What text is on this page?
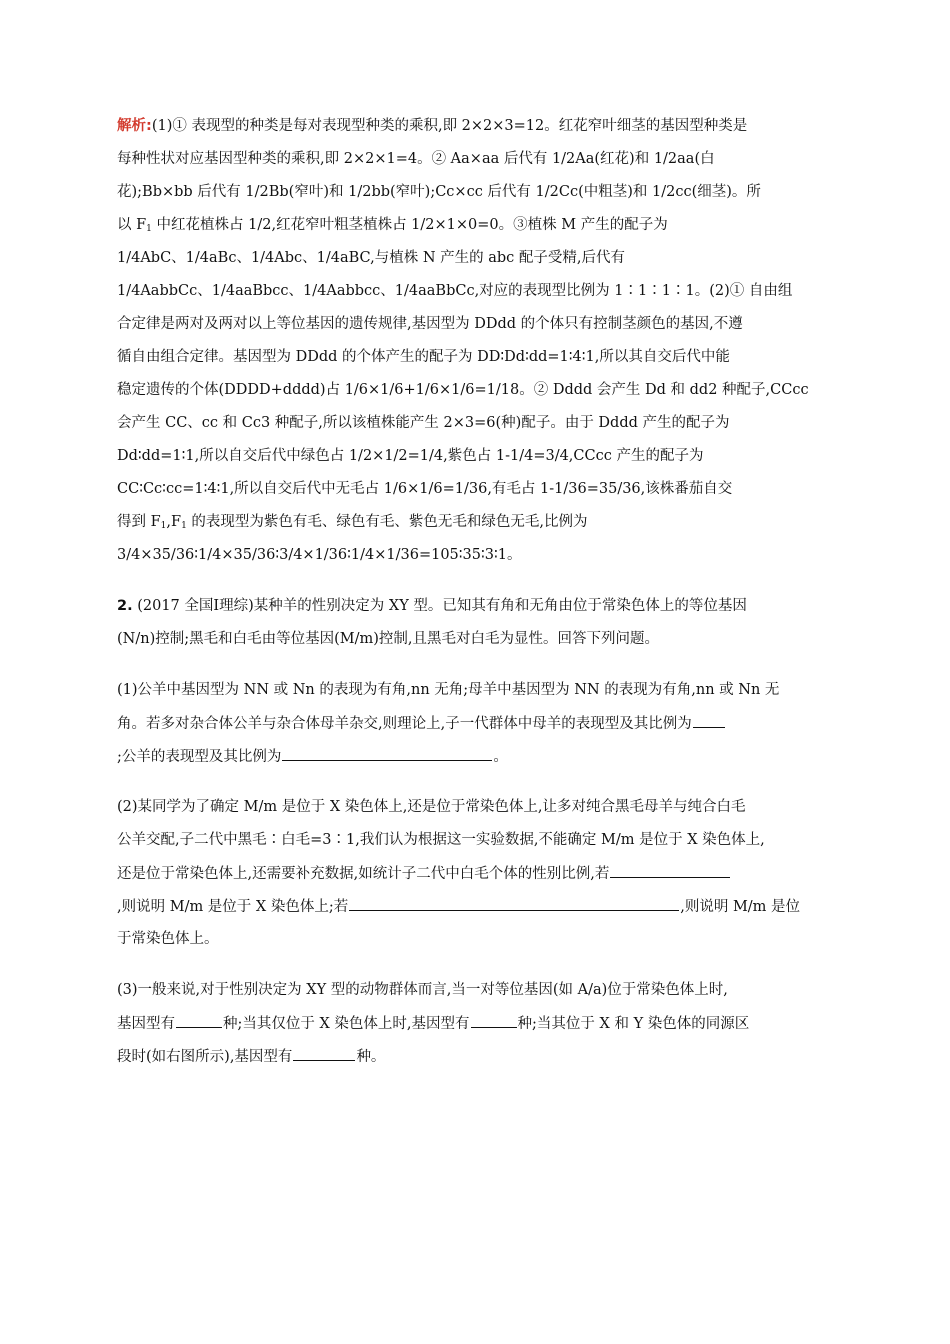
解析:(1)① 表现型的种类是每对表现型种类的乘积,即 2×2×3=12。红花窄叶细茎的基因型种类是
每种性状对应基因型种类的乘积,即 2×2×1=4。② Aa×aa 后代有 1/2Aa(红花)和 1/2aa(白
花);Bb×bb 后代有 1/2Bb(窄叶)和 1/2bb(窄叶);Cc×cc 后代有 1/2Cc(中粗茎)和 1/2cc(细茎)。所
以 $F_1$ 中红花植株占 1/2,红花窄叶粗茎植株占 1/2×1×0=0。③植株 M 产生的配子为
1/4AbC、1/4aBc、1/4Abc、1/4aBC,与植株 N 产生的 abc 配子受精,后代有
1/4AabbCc、1/4aaBbcc、1/4Aabbcc、1/4aaBbCc,对应的表现型比例为 1∶1∶1∶1。(2)① 自由组
合定律是两对及两对以上等位基因的遗传规律,基因型为 DDdd 的个体只有控制茎颜色的基因,不遵
循自由组合定律。基因型为 DDdd 的个体产生的配子为 DD∶Dd∶dd=1∶4∶1,所以其自交后代中能
稳定遗传的个体(DDDD+dddd)占 1/6×1/6+1/6×1/6=1/18。② Dddd 会产生 Dd 和 dd2 种配子,CCcc
会产生 CC、cc 和 Cc3 种配子,所以该植株能产生 2×3=6(种)配子。由于 Dddd 产生的配子为
Dd∶dd=1∶1,所以自交后代中绿色占 1/2×1/2=1/4,紫色占 1-1/4=3/4,CCcc 产生的配子为
CC∶Cc∶cc=1∶4∶1,所以自交后代中无毛占 1/6×1/6=1/36,有毛占 1-1/36=35/36,该株番茄自交
得到 $F_1,F_1$ 的表现型为紫色有毛、绿色有毛、紫色无毛和绿色无毛,比例为
3/4×35/36∶1/4×35/36∶3/4×1/36∶1/4×1/36=105∶35∶3∶1。
2. (2017 全国Ⅰ理综)某种羊的性别决定为 XY 型。已知其有角和无角由位于常染色体上的等位基因
(N/n)控制;黑毛和白毛由等位基因(M/m)控制,且黑毛对白毛为显性。回答下列问题。
(1)公羊中基因型为 NN 或 Nn 的表现为有角,nn 无角;母羊中基因型为 NN 的表现为有角,nn 或 Nn 无
角。若多对杂合体公羊与杂合体母羊杂交,则理论上,子一代群体中母羊的表现型及其比例为
;公羊的表现型及其比例为	。
(2)某同学为了确定 M/m 是位于 X 染色体上,还是位于常染色体上,让多对纯合黑毛母羊与纯合白毛
公羊交配,子二代中黑毛∶白毛=3∶1,我们认为根据这一实验数据,不能确定 M/m 是位于 X 染色体上,
还是位于常染色体上,还需要补充数据,如统计子二代中白毛个体的性别比例,若
,则说明 M/m 是位于 X 染色体上;若	,则说明 M/m 是位
于常染色体上。
(3)一般来说,对于性别决定为 XY 型的动物群体而言,当一对等位基因(如 A/a)位于常染色体上时,
基因型有	种;当其仅位于 X 染色体上时,基因型有	种;当其位于 X 和 Y 染色体的同源区
段时(如右图所示),基因型有	种。
